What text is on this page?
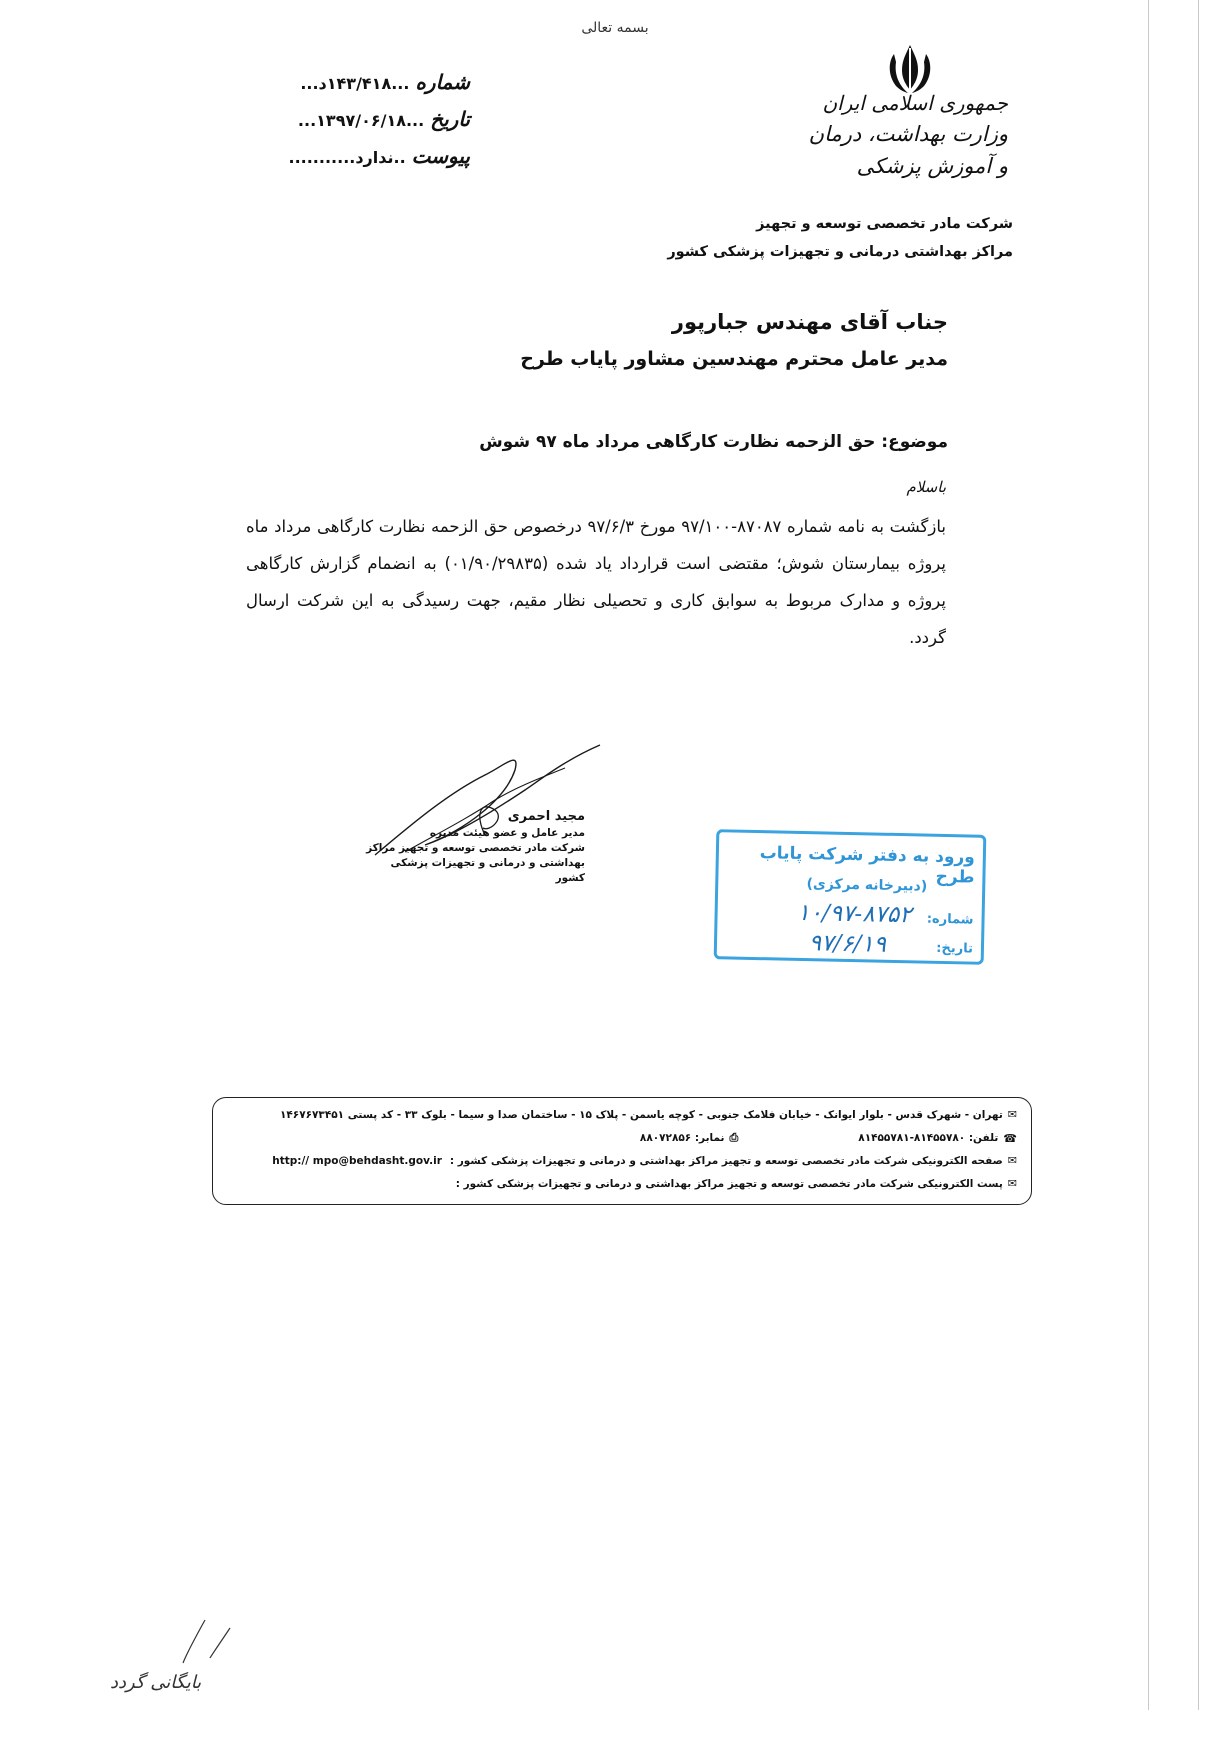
بسمه تعالی
جمهوری اسلامی ایران
وزارت بهداشت، درمان و آموزش پزشکی
شرکت مادر تخصصی توسعه و تجهیز
مراکز بهداشتی درمانی و تجهیزات پزشکی کشور
شماره
...۱۴۳/۴۱۸د...
تاریخ
...۱۳۹۷/۰۶/۱۸...
پیوست
..ندارد...........
جناب آقای مهندس جبارپور
مدیر عامل محترم مهندسین مشاور پایاب طرح
موضوع: حق الزحمه نظارت کارگاهی مرداد ماه ۹۷ شوش
باسلام
بازگشت به نامه شماره ۸۷۰۸۷-۹۷/۱۰۰ مورخ ۹۷/۶/۳ درخصوص حق الزحمه نظارت کارگاهی مرداد ماه پروژه بیمارستان شوش؛ مقتضی است قرارداد یاد شده (۰۱/۹۰/۲۹۸۳۵) به انضمام گزارش کارگاهی پروژه و مدارک مربوط به سوابق کاری و تحصیلی نظار مقیم، جهت رسیدگی به این شرکت ارسال گردد.
مجید احمری
مدیر عامل و عضو هیئت مدیره
شرکت مادر تخصصی توسعه و تجهیز مراکز
بهداشتی و درمانی و تجهیزات پزشکی کشور
ورود به دفتر شرکت پایاب طرح
(دبیرخانه مرکزی)
شماره:
۱۰/۹۷-۸۷۵۲
تاریخ:
۹۷/۶/۱۹
✉
تهران - شهرک قدس - بلوار ایوانک - خیابان فلامک جنوبی - کوچه یاسمن - پلاک ۱۵ - ساختمان صدا و سیما - بلوک ۳۳ - کد پستی ۱۴۶۷۶۷۳۴۵۱
☎
تلفن: ۸۱۴۵۵۷۸۰-۸۱۴۵۵۷۸۱
⎙
نمابر: ۸۸۰۷۲۸۵۶
✉
صفحه الکترونیکی شرکت مادر تخصصی توسعه و تجهیز مراکز بهداشتی و درمانی و تجهیزات پزشکی کشور :
http:// mpo@behdasht.gov.ir
✉
پست الکترونیکی شرکت مادر تخصصی توسعه و تجهیز مراکز بهداشتی و درمانی و تجهیزات پزشکی کشور :
بایگانی گردد
